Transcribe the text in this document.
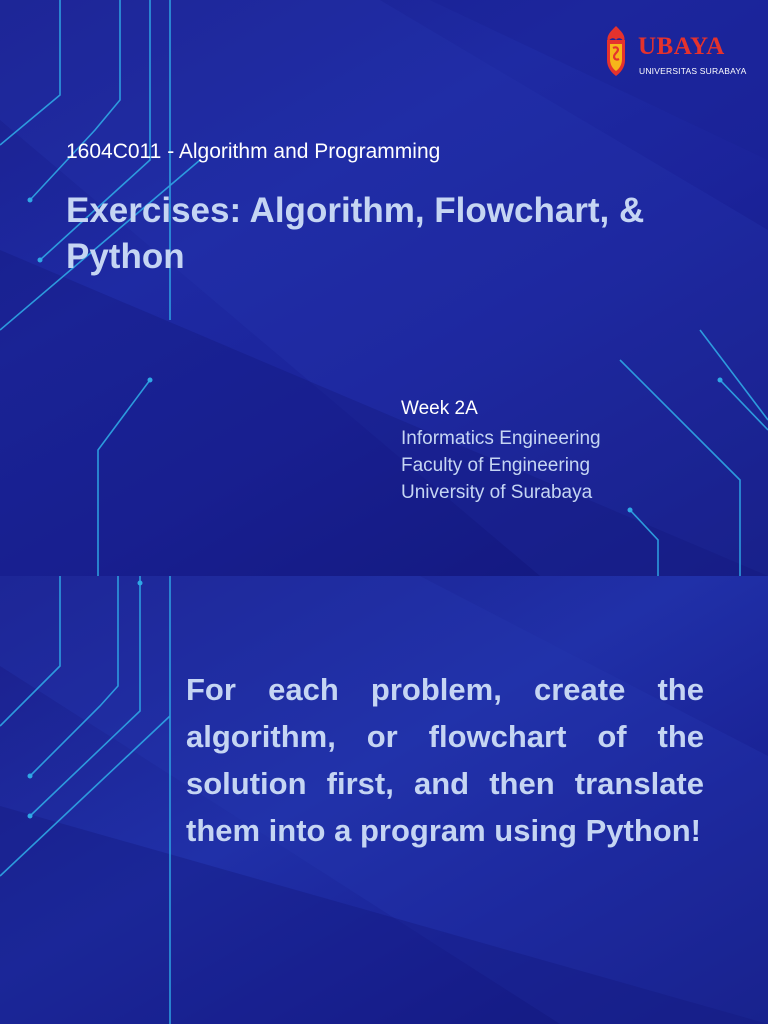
UBAYA
UNIVERSITAS SURABAYA
1604C011 - Algorithm and Programming
Exercises: Algorithm, Flowchart, & Python
Week 2A
Informatics Engineering
Faculty of Engineering
University of Surabaya

For each problem, create the algorithm, or flowchart of the solution first, and then translate them into a program using Python!
